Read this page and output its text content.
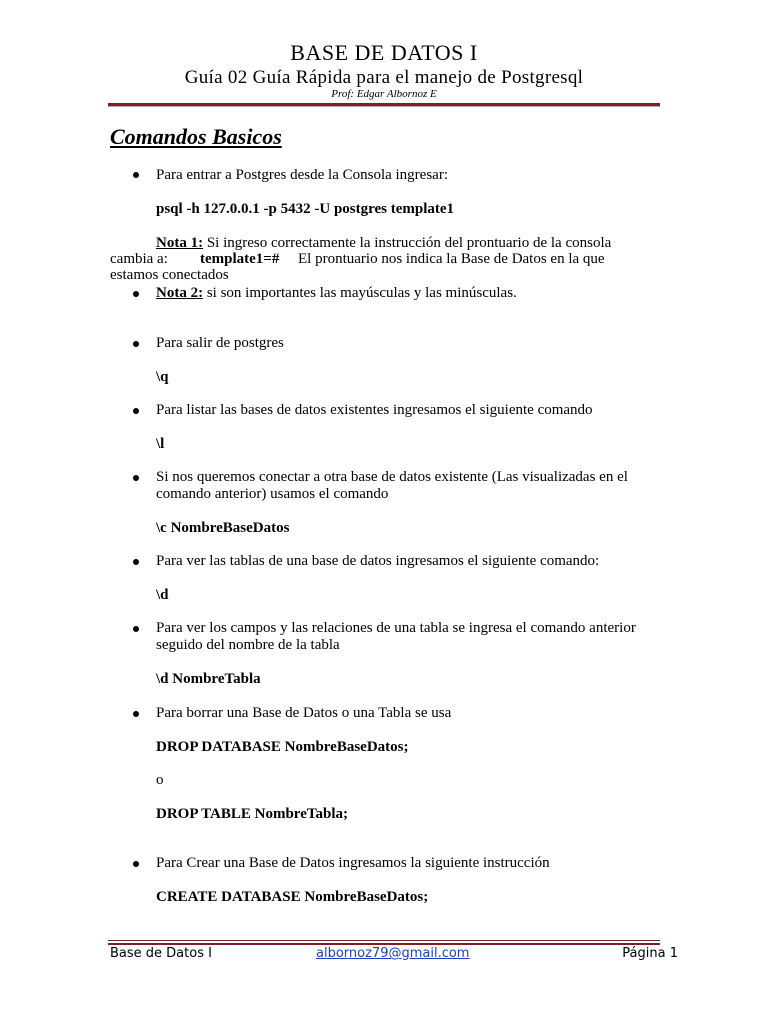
BASE DE DATOS I
Guía 02 Guía Rápida para el manejo de Postgresql
Prof: Edgar Albornoz E
Comandos Basicos
Para entrar a Postgres desde la Consola ingresar:
psql -h 127.0.0.1 -p 5432 -U postgres template1
Nota 1: Si ingreso correctamente la instrucción del prontuario de la consola
cambia a: template1=# El prontuario nos indica la Base de Datos en la que
estamos conectados
Nota 2: si son importantes las mayúsculas y las minúsculas.
Para salir de postgres
\q
Para listar las bases de datos existentes ingresamos el siguiente comando
\l
Si nos queremos conectar a otra base de datos existente (Las visualizadas en el
comando anterior) usamos el comando
\c NombreBaseDatos
Para ver las tablas de una base de datos ingresamos el siguiente comando:
\d
Para ver los campos y las relaciones de una tabla se ingresa el comando anterior
seguido del nombre de la tabla
\d NombreTabla
Para borrar una Base de Datos o una Tabla se usa
DROP DATABASE NombreBaseDatos;
o
DROP TABLE NombreTabla;
Para Crear una Base de Datos ingresamos la siguiente instrucción
CREATE DATABASE NombreBaseDatos;
Base de Datos I	albornoz79@gmail.com	Página 1
